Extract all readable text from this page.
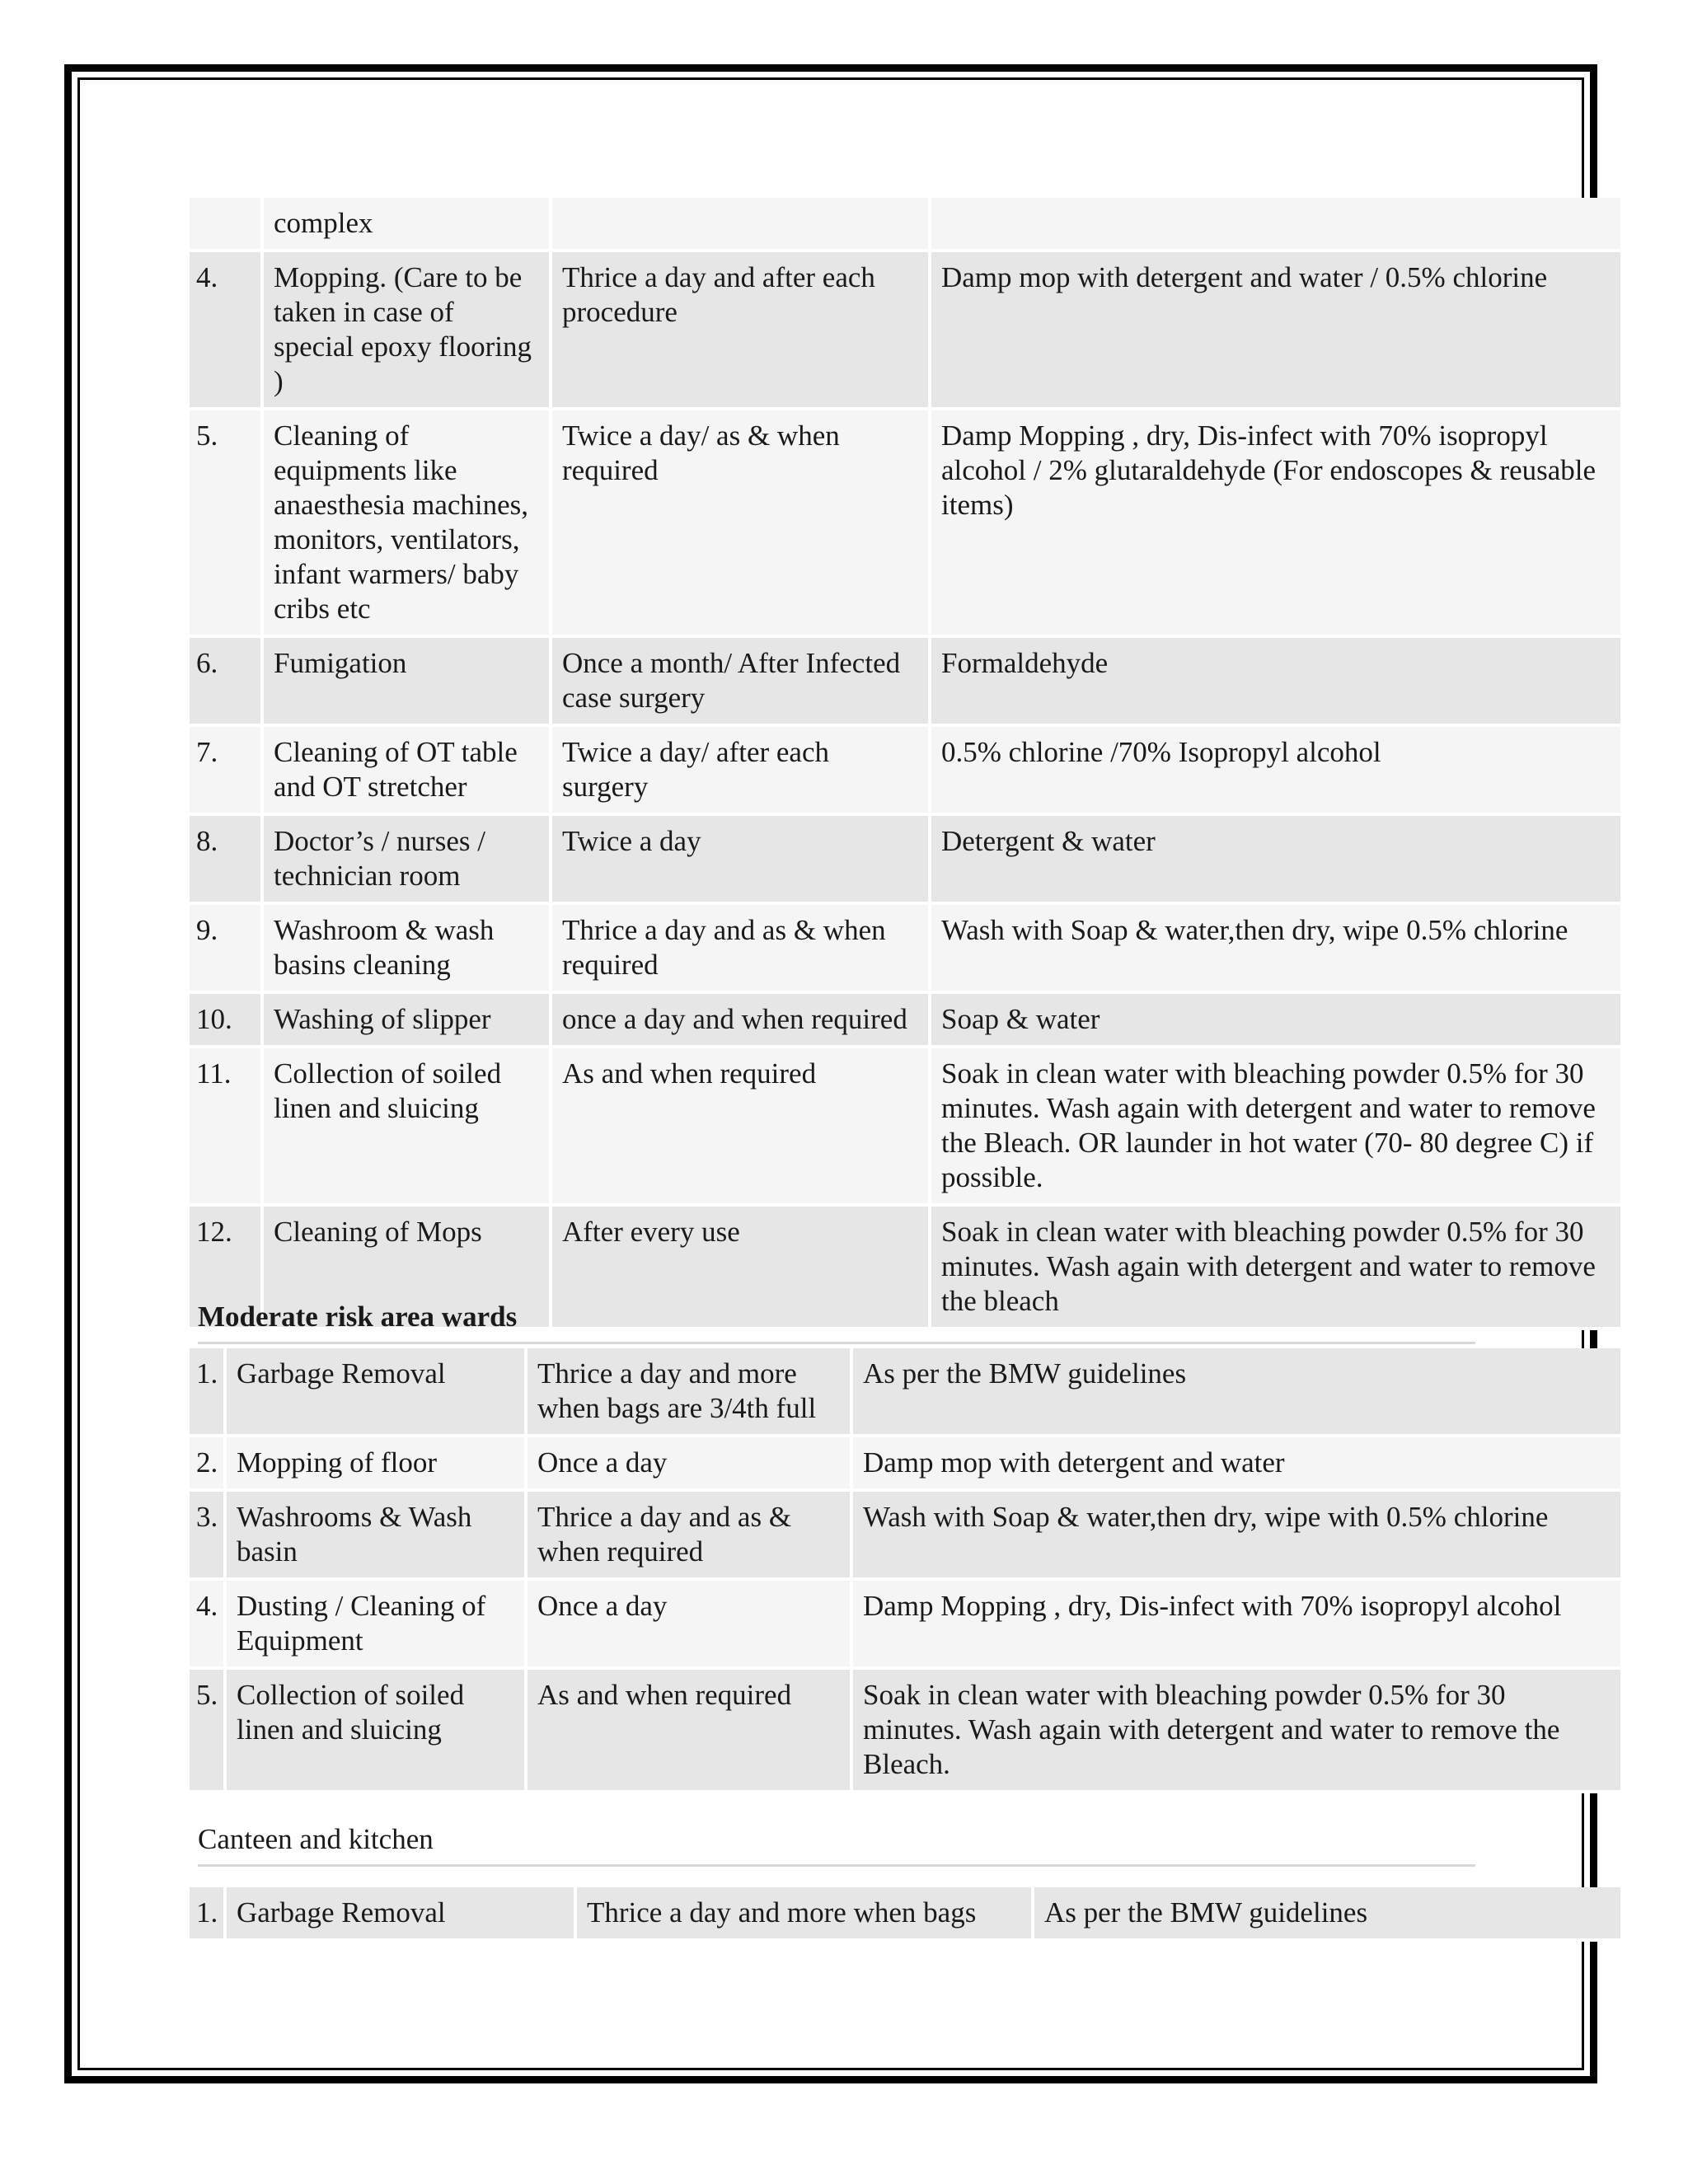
	complex		
4.	Mopping. (Care to be taken in case of special epoxy flooring )	Thrice a day and after each procedure	Damp mop with detergent and water / 0.5% chlorine
5.	Cleaning of equipments like anaesthesia machines, monitors, ventilators, infant warmers/ baby cribs etc	Twice a day/ as & when required	Damp Mopping , dry, Dis-infect with 70% isopropyl alcohol / 2% glutaraldehyde (For endoscopes & reusable items)
6.	Fumigation	Once a month/ After Infected case surgery	Formaldehyde
7.	Cleaning of OT table and OT stretcher	Twice a day/ after each surgery	0.5% chlorine /70% Isopropyl alcohol
8.	Doctor’s / nurses / technician room	Twice a day	Detergent & water
9.	Washroom & wash basins cleaning	Thrice a day and as & when required	Wash with Soap & water,then dry, wipe 0.5% chlorine
10.	Washing of slipper	once a day and when required	Soap & water
11.	Collection of soiled linen and sluicing	As and when required	Soak in clean water with bleaching powder 0.5% for 30 minutes. Wash again with detergent and water to remove the Bleach. OR launder in hot water (70- 80 degree C) if possible.
12.	Cleaning of Mops	After every use	Soak in clean water with bleaching powder 0.5% for 30 minutes. Wash again with detergent and water to remove the bleach
Moderate risk area wards
1.	Garbage Removal	Thrice a day and more when bags are 3/4th full	As per the BMW guidelines
2.	Mopping of floor	Once a day	Damp mop with detergent and water
3.	Washrooms & Wash basin	Thrice a day and as & when required	Wash with Soap & water,then dry, wipe with 0.5% chlorine
4.	Dusting / Cleaning of Equipment	Once a day	Damp Mopping , dry, Dis-infect with 70% isopropyl alcohol
5.	Collection of soiled linen and sluicing	As and when required	Soak in clean water with bleaching powder 0.5% for 30 minutes. Wash again with detergent and water to remove the Bleach.
Canteen and kitchen
1.	Garbage Removal	Thrice a day and more when bags	As per the BMW guidelines
